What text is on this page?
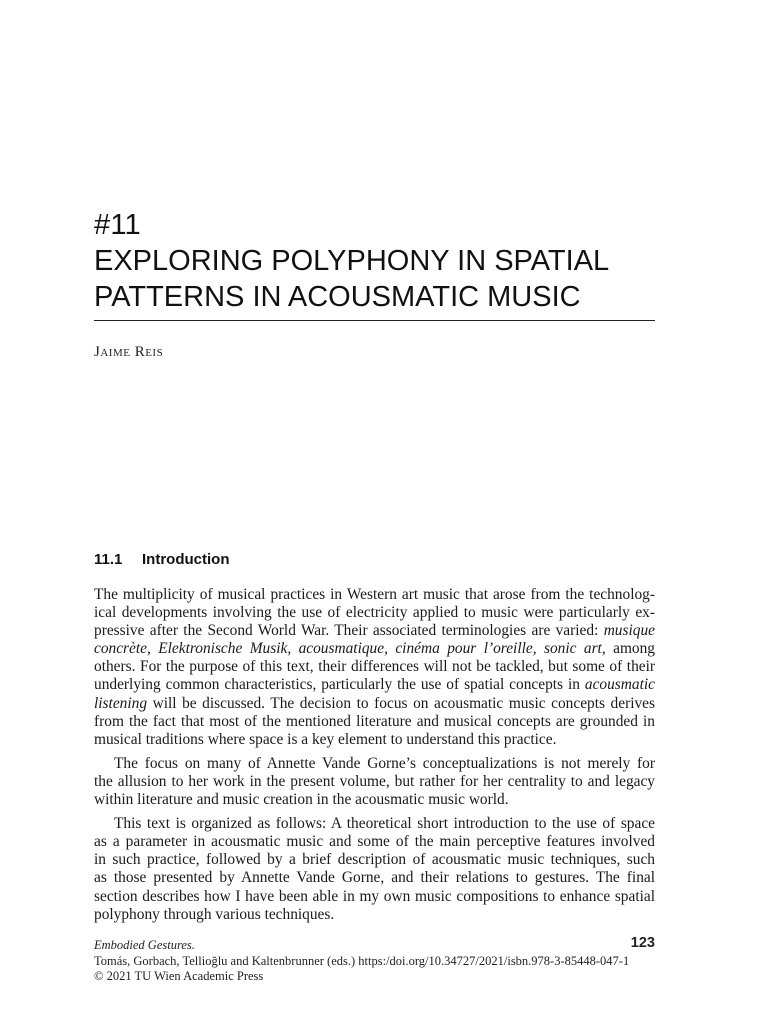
#11
EXPLORING POLYPHONY IN SPATIAL
PATTERNS IN ACOUSMATIC MUSIC
Jaime Reis
11.1 Introduction

The multiplicity of musical practices in Western art music that arose from the technolog-
ical developments involving the use of electricity applied to music were particularly ex-
pressive after the Second World War. Their associated terminologies are varied: musique
concrète, Elektronische Musik, acousmatique, cinéma pour l’oreille, sonic art, among
others. For the purpose of this text, their differences will not be tackled, but some of their
underlying common characteristics, particularly the use of spatial concepts in acousmatic
listening will be discussed. The decision to focus on acousmatic music concepts derives
from the fact that most of the mentioned literature and musical concepts are grounded in
musical traditions where space is a key element to understand this practice.

The focus on many of Annette Vande Gorne’s conceptualizations is not merely for
the allusion to her work in the present volume, but rather for her centrality to and legacy
within literature and music creation in the acousmatic music world.

This text is organized as follows: A theoretical short introduction to the use of space
as a parameter in acousmatic music and some of the main perceptive features involved
in such practice, followed by a brief description of acousmatic music techniques, such
as those presented by Annette Vande Gorne, and their relations to gestures. The final
section describes how I have been able in my own music compositions to enhance spatial
polyphony through various techniques.

Embodied Gestures.	123
Tomás, Gorbach, Tellioğlu and Kaltenbrunner (eds.) https:/doi.org/10.34727/2021/isbn.978-3-85448-047-1
© 2021 TU Wien Academic Press
